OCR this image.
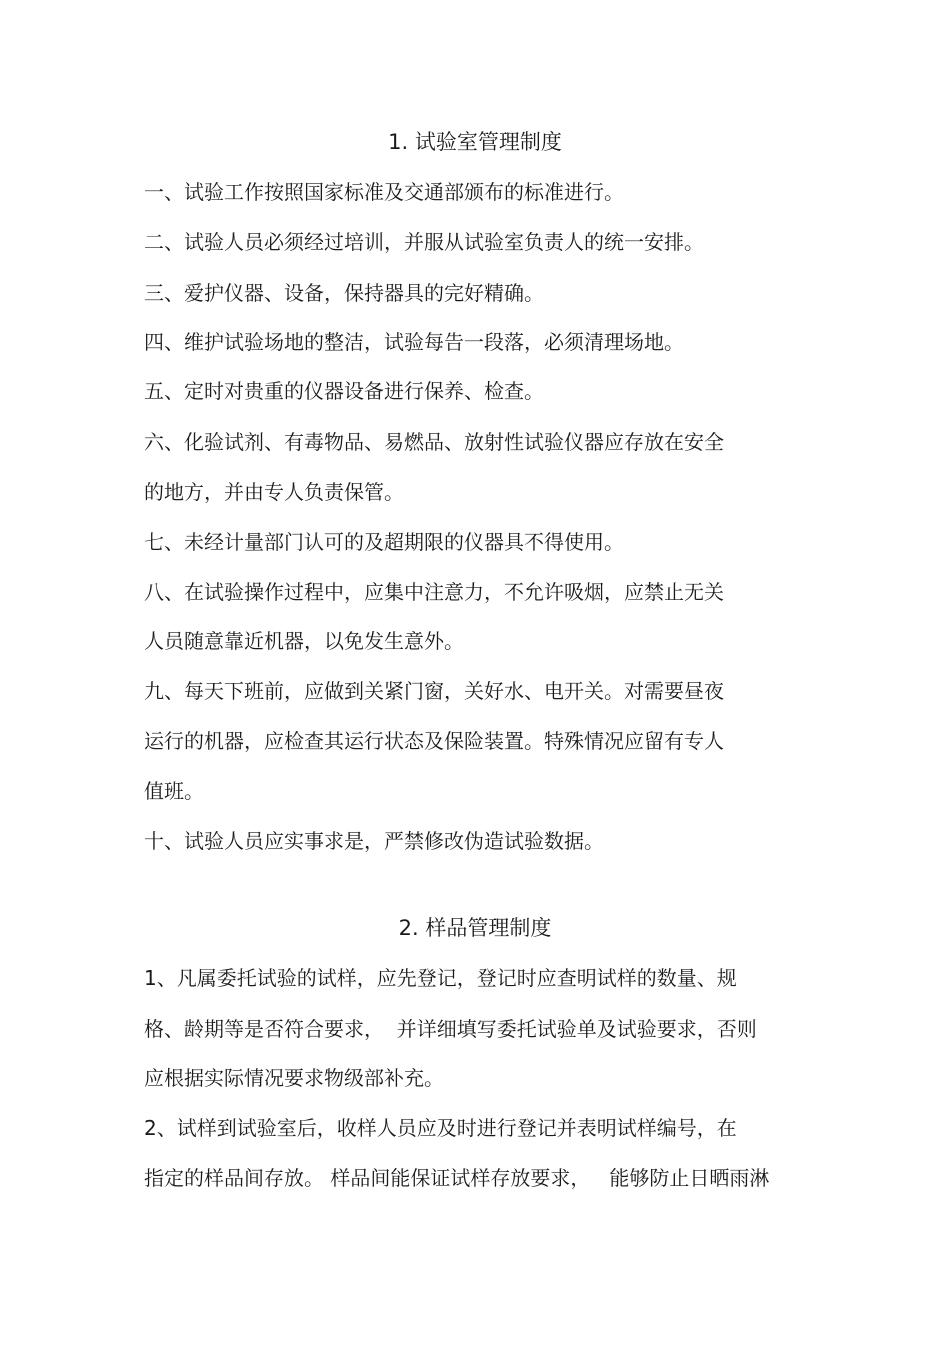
1. 试验室管理制度
一、试验工作按照国家标准及交通部颁布的标准进行。
二、试验人员必须经过培训，并服从试验室负责人的统一安排。
三、爱护仪器、设备，保持器具的完好精确。
四、维护试验场地的整洁，试验每告一段落，必须清理场地。
五、定时对贵重的仪器设备进行保养、检查。
六、化验试剂、有毒物品、易燃品、放射性试验仪器应存放在安全
的地方，并由专人负责保管。
七、未经计量部门认可的及超期限的仪器具不得使用。
八、在试验操作过程中，应集中注意力，不允许吸烟，应禁止无关
人员随意靠近机器，以免发生意外。
九、每天下班前，应做到关紧门窗，关好水、电开关。对需要昼夜
运行的机器，应检查其运行状态及保险装置。特殊情况应留有专人
值班。
十、试验人员应实事求是，严禁修改伪造试验数据。
2. 样品管理制度
1、凡属委托试验的试样，应先登记，登记时应查明试样的数量、规
格、龄期等是否符合要求，  并详细填写委托试验单及试验要求，否则
应根据实际情况要求物级部补充。
2、试样到试验室后，收样人员应及时进行登记并表明试样编号，在
指定的样品间存放。 样品间能保证试样存放要求，   能够防止日晒雨淋
